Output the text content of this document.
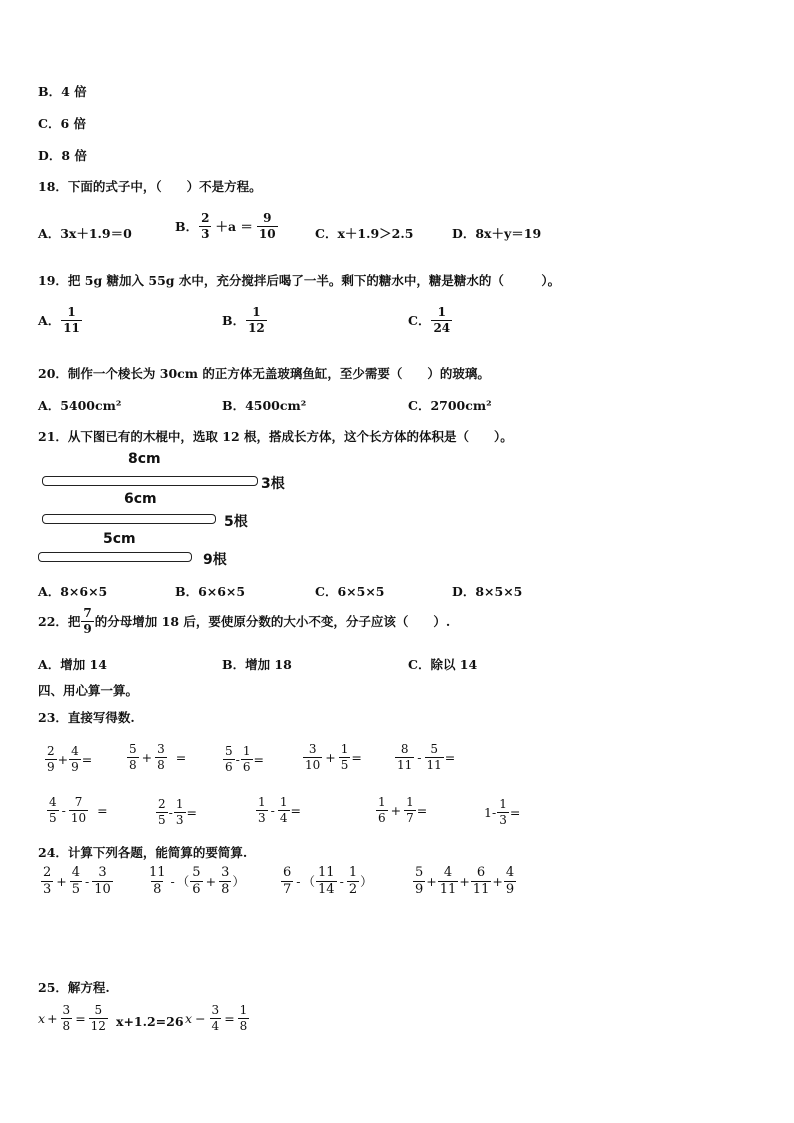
B．4 倍
C．6 倍
D．8 倍
18．下面的式子中，（　　）不是方程。
A．3x＋1.9＝0	B． $\frac{2}{3} +a = \frac{9}{10}$	C．x＋1.9＞2.5	D．8x＋y＝19
19．把 5g 糖加入 55g 水中，充分搅拌后喝了一半。剩下的糖水中，糖是糖水的（　　　）。
A． $\frac{1}{11}$	B． $\frac{1}{12}$	C． $\frac{1}{24}$
20．制作一个棱长为 30cm 的正方体无盖玻璃鱼缸，至少需要（　　）的玻璃。
A．5400cm²	B．4500cm²	C．2700cm²
21．从下图已有的木棍中，选取 12 根，搭成长方体，这个长方体的体积是（　　）。
8cm
3根
6cm
5根
5cm
9根
A．8×6×5	B．6×6×5	C．6×5×5	D．8×5×5
22．把 $\frac{7}{9}$ 的分母增加 18 后，要使原分数的大小不变，分子应该（　　）.
A．增加 14	B．增加 18	C．除以 14
四、用心算一算。
23．直接写得数.
$\frac{2}{9} + \frac{4}{9}$ =	$\frac{5}{8} + \frac{3}{8}$ =	$\frac{5}{6} - \frac{1}{6}$ =	$\frac{3}{10} + \frac{1}{5}$ =	$\frac{8}{11} - \frac{5}{11}$ =
$\frac{4}{5} - \frac{7}{10}$ =	$\frac{2}{5} - \frac{1}{3}$ =	$\frac{1}{3} - \frac{1}{4}$ =	$\frac{1}{6} + \frac{1}{7}$ =	$1 - \frac{1}{3}$ =
24．计算下列各题，能简算的要简算.
$\frac{2}{3} + \frac{4}{5} - \frac{3}{10}$	$\frac{11}{8}$ - （ $\frac{5}{6} + \frac{3}{8}$ ）	$\frac{6}{7}$ - （ $\frac{11}{14} - \frac{1}{2}$ ）	$\frac{5}{9} + \frac{4}{11} + \frac{6}{11} + \frac{4}{9}$
25．解方程.
$x + \frac{3}{8} = \frac{5}{12} x+1.2=26$ $x - \frac{3}{4} = \frac{1}{8}$
